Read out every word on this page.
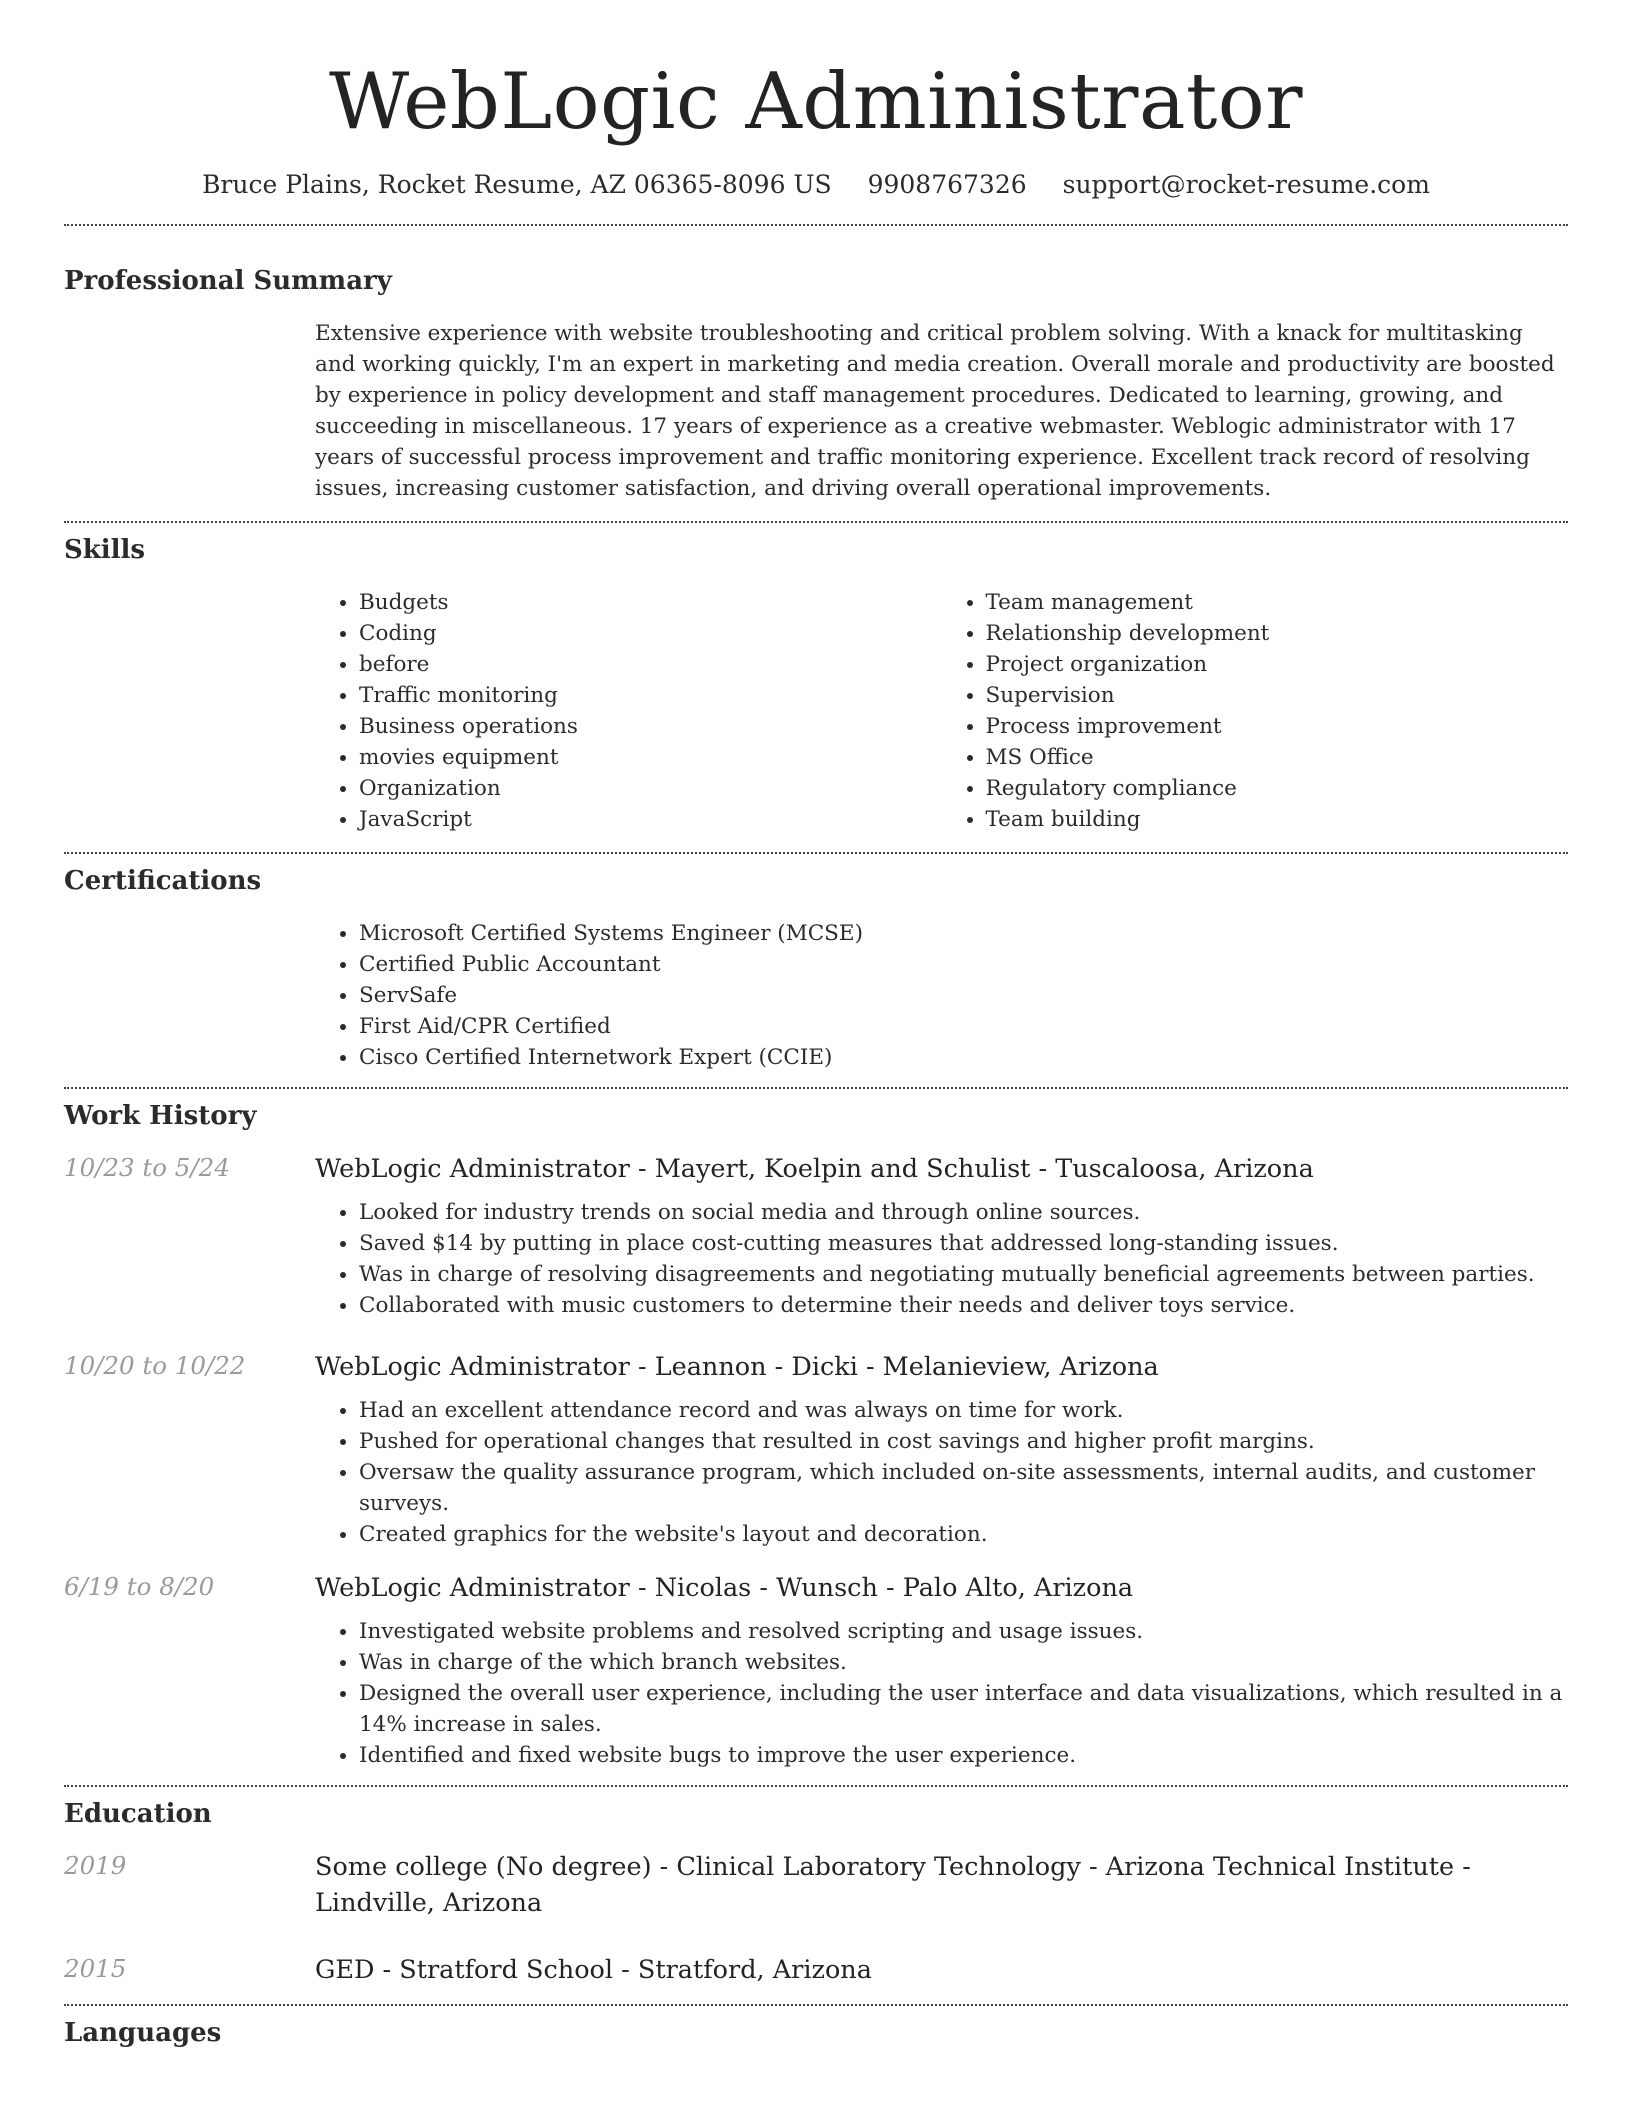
WebLogic Administrator
Bruce Plains, Rocket Resume, AZ 06365-8096 US 9908767326 support@rocket-resume.com
Professional Summary

Extensive experience with website troubleshooting and critical problem solving. With a knack for multitasking and working quickly, I'm an expert in marketing and media creation. Overall morale and productivity are boosted by experience in policy development and staff management procedures. Dedicated to learning, growing, and succeeding in miscellaneous. 17 years of experience as a creative webmaster. Weblogic administrator with 17 years of successful process improvement and traffic monitoring experience. Excellent track record of resolving issues, increasing customer satisfaction, and driving overall operational improvements.

Skills
• Budgets
• Coding
• before
• Traffic monitoring
• Business operations
• movies equipment
• Organization
• JavaScript
• Team management
• Relationship development
• Project organization
• Supervision
• Process improvement
• MS Office
• Regulatory compliance
• Team building
Certifications
• Microsoft Certified Systems Engineer (MCSE)
• Certified Public Accountant
• ServSafe
• First Aid/CPR Certified
• Cisco Certified Internetwork Expert (CCIE)
Work History
10/23 to 5/24	WebLogic Administrator - Mayert, Koelpin and Schulist - Tuscaloosa, Arizona
• Looked for industry trends on social media and through online sources.
• Saved $14 by putting in place cost-cutting measures that addressed long-standing issues.
• Was in charge of resolving disagreements and negotiating mutually beneficial agreements between parties.
• Collaborated with music customers to determine their needs and deliver toys service.
10/20 to 10/22	WebLogic Administrator - Leannon - Dicki - Melanieview, Arizona
• Had an excellent attendance record and was always on time for work.
• Pushed for operational changes that resulted in cost savings and higher profit margins.
• Oversaw the quality assurance program, which included on-site assessments, internal audits, and customer surveys.
• Created graphics for the website's layout and decoration.
6/19 to 8/20	WebLogic Administrator - Nicolas - Wunsch - Palo Alto, Arizona
• Investigated website problems and resolved scripting and usage issues.
• Was in charge of the which branch websites.
• Designed the overall user experience, including the user interface and data visualizations, which resulted in a 14% increase in sales.
• Identified and fixed website bugs to improve the user experience.
Education
2019	Some college (No degree) - Clinical Laboratory Technology - Arizona Technical Institute - Lindville, Arizona
2015	GED - Stratford School - Stratford, Arizona
Languages
